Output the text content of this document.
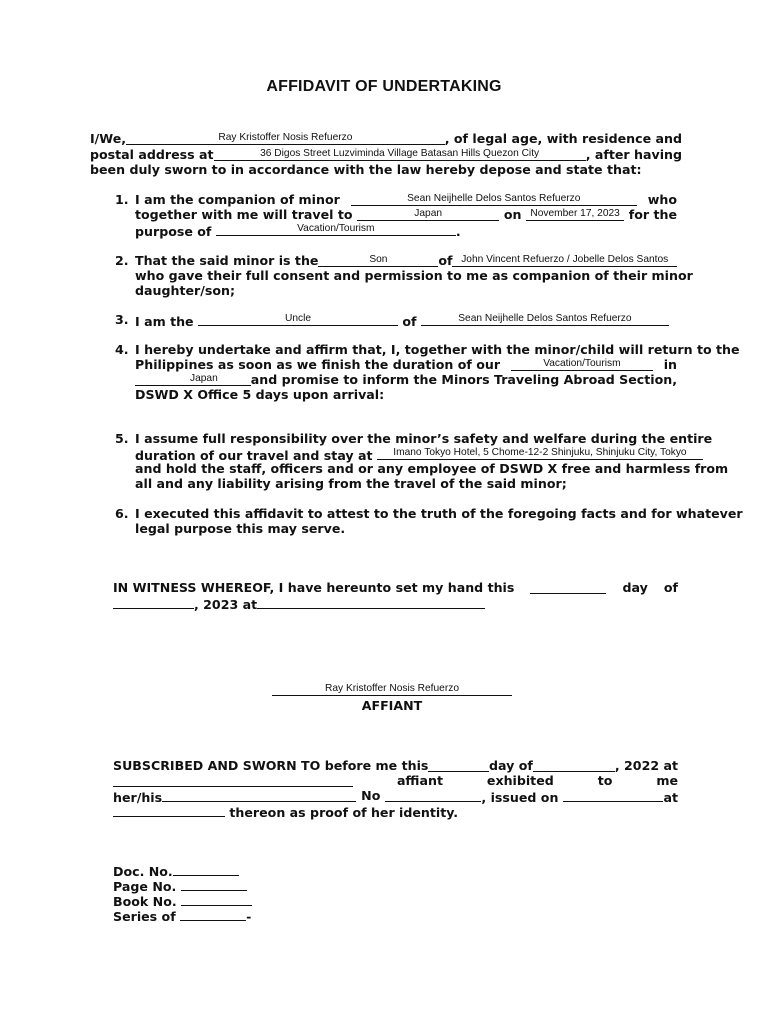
AFFIDAVIT OF UNDERTAKING
I/We,	Ray Kristoffer Nosis Refuerzo	, of legal age, with residence and
postal address at	36 Digos Street Luzviminda Village Batasan Hills Quezon City	, after having
been duly sworn to in accordance with the law hereby depose and state that:
1. I am the companion of minor	Sean Neijhelle Delos Santos Refuerzo	who
together with me will travel to	Japan	on November 17, 2023 for the
purpose of	Vacation/Tourism	.
2. That the said minor is the	Son	of John Vincent Refuerzo / Jobelle Delos Santos
who gave their full consent and permission to me as companion of their minor
daughter/son;
3. I am the	Uncle	of	Sean Neijhelle Delos Santos Refuerzo
4. I hereby undertake and affirm that, I, together with the minor/child will return to the
Philippines as soon as we finish the duration of our	Vacation/Tourism	in
Japan	and promise to inform the Minors Traveling Abroad Section,
DSWD X Office 5 days upon arrival:
5. I assume full responsibility over the minor’s safety and welfare during the entire
duration of our travel and stay at	Imano Tokyo Hotel, 5 Chome-12-2 Shinjuku, Shinjuku City, Tokyo
and hold the staff, officers and or any employee of DSWD X free and harmless from
all and any liability arising from the travel of the said minor;
6. I executed this affidavit to attest to the truth of the foregoing facts and for whatever
legal purpose this may serve.
IN WITNESS WHEREOF, I have hereunto set my hand this	day of
, 2023 at
Ray Kristoffer Nosis Refuerzo
AFFIANT
SUBSCRIBED AND SWORN TO before me this	day of	, 2022 at
affiant	exhibited	to	me
her/his	No	, issued on	at
thereon as proof of her identity.
Doc. No.
Page No.
Book No.
Series of	-
